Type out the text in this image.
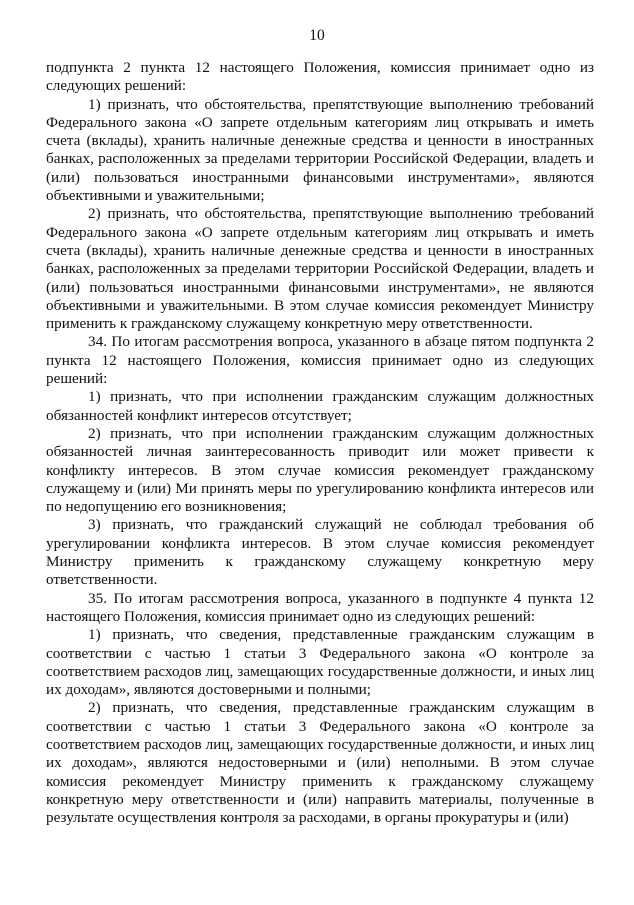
10

подпункта 2 пункта 12 настоящего Положения, комиссия принимает одно из следующих решений:

1) признать, что обстоятельства, препятствующие выполнению требований Федерального закона «О запрете отдельным категориям лиц открывать и иметь счета (вклады), хранить наличные денежные средства и ценности в иностранных банках, расположенных за пределами территории Российской Федерации, владеть и (или) пользоваться иностранными финансовыми инструментами», являются объективными и уважительными;

2) признать, что обстоятельства, препятствующие выполнению требований Федерального закона «О запрете отдельным категориям лиц открывать и иметь счета (вклады), хранить наличные денежные средства и ценности в иностранных банках, расположенных за пределами территории Российской Федерации, владеть и (или) пользоваться иностранными финансовыми инструментами», не являются объективными и уважительными. В этом случае комиссия рекомендует Министру применить к гражданскому служащему конкретную меру ответственности.

34. По итогам рассмотрения вопроса, указанного в абзаце пятом подпункта 2 пункта 12 настоящего Положения, комиссия принимает одно из следующих решений:

1) признать, что при исполнении гражданским служащим должностных обязанностей конфликт интересов отсутствует;

2) признать, что при исполнении гражданским служащим должностных обязанностей личная заинтересованность приводит или может привести к конфликту интересов. В этом случае комиссия рекомендует гражданскому служащему и (или) Ми принять меры по урегулированию конфликта интересов или по недопущению его возникновения;

3) признать, что гражданский служащий не соблюдал требования об урегулировании конфликта интересов. В этом случае комиссия рекомендует Министру применить к гражданскому служащему конкретную меру ответственности.

35. По итогам рассмотрения вопроса, указанного в подпункте 4 пункта 12 настоящего Положения, комиссия принимает одно из следующих решений:

1) признать, что сведения, представленные гражданским служащим в соответствии с частью 1 статьи 3 Федерального закона «О контроле за соответствием расходов лиц, замещающих государственные должности, и иных лиц их доходам», являются достоверными и полными;

2) признать, что сведения, представленные гражданским служащим в соответствии с частью 1 статьи 3 Федерального закона «О контроле за соответствием расходов лиц, замещающих государственные должности, и иных лиц их доходам», являются недостоверными и (или) неполными. В этом случае комиссия рекомендует Министру применить к гражданскому служащему конкретную меру ответственности и (или) направить материалы, полученные в результате осуществления контроля за расходами, в органы прокуратуры и (или)
